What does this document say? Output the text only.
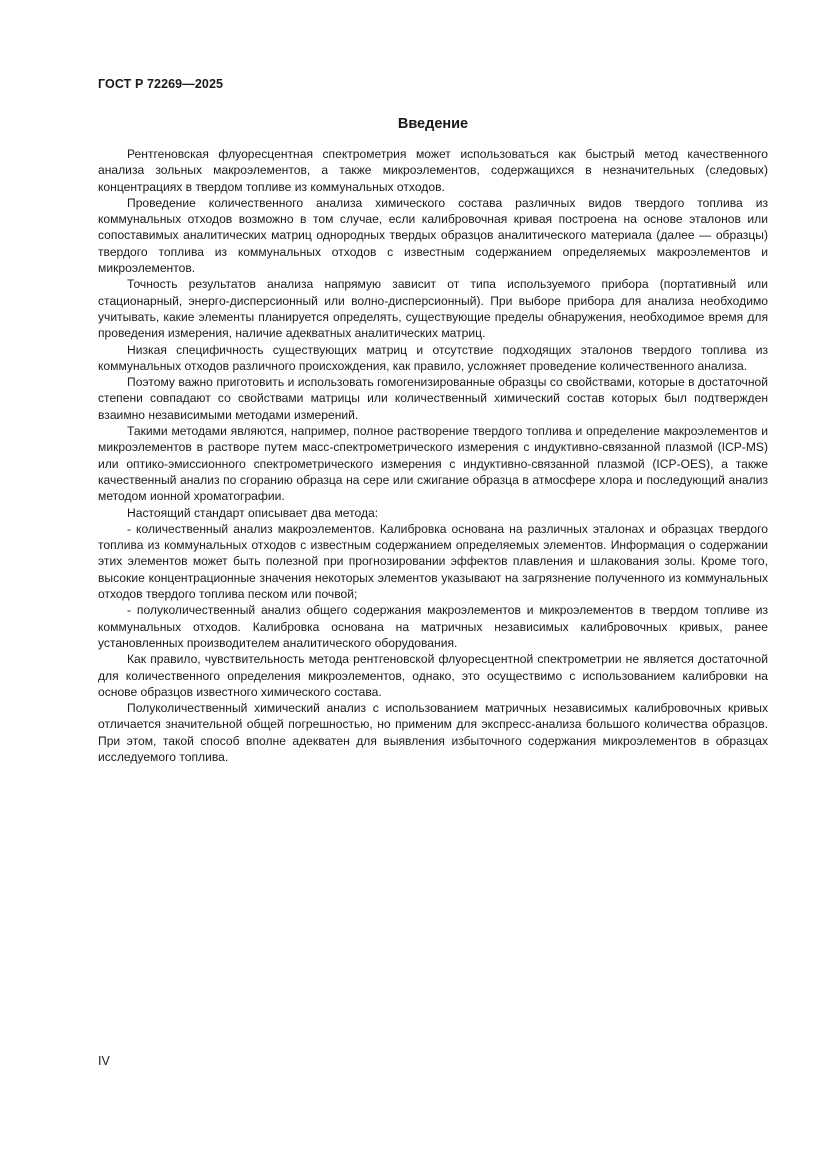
ГОСТ Р 72269—2025
Введение

Рентгеновская флуоресцентная спектрометрия может использоваться как быстрый метод качественного анализа зольных макроэлементов, а также микроэлементов, содержащихся в незначительных (следовых) концентрациях в твердом топливе из коммунальных отходов.

Проведение количественного анализа химического состава различных видов твердого топлива из коммунальных отходов возможно в том случае, если калибровочная кривая построена на основе эталонов или сопоставимых аналитических матриц однородных твердых образцов аналитического материала (далее — образцы) твердого топлива из коммунальных отходов с известным содержанием определяемых макроэлементов и микроэлементов.

Точность результатов анализа напрямую зависит от типа используемого прибора (портативный или стационарный, энерго-дисперсионный или волно-дисперсионный). При выборе прибора для анализа необходимо учитывать, какие элементы планируется определять, существующие пределы обнаружения, необходимое время для проведения измерения, наличие адекватных аналитических матриц.

Низкая специфичность существующих матриц и отсутствие подходящих эталонов твердого топлива из коммунальных отходов различного происхождения, как правило, усложняет проведение количественного анализа.

Поэтому важно приготовить и использовать гомогенизированные образцы со свойствами, которые в достаточной степени совпадают со свойствами матрицы или количественный химический состав которых был подтвержден взаимно независимыми методами измерений.

Такими методами являются, например, полное растворение твердого топлива и определение макроэлементов и микроэлементов в растворе путем масс-спектрометрического измерения с индуктивно-связанной плазмой (ICP-MS) или оптико-эмиссионного спектрометрического измерения с индуктивно-связанной плазмой (ICP-OES), а также качественный анализ по сгоранию образца на сере или сжигание образца в атмосфере хлора и последующий анализ методом ионной хроматографии.

Настоящий стандарт описывает два метода:

- количественный анализ макроэлементов. Калибровка основана на различных эталонах и образцах твердого топлива из коммунальных отходов с известным содержанием определяемых элементов. Информация о содержании этих элементов может быть полезной при прогнозировании эффектов плавления и шлакования золы. Кроме того, высокие концентрационные значения некоторых элементов указывают на загрязнение полученного из коммунальных отходов твердого топлива песком или почвой;

- полуколичественный анализ общего содержания макроэлементов и микроэлементов в твердом топливе из коммунальных отходов. Калибровка основана на матричных независимых калибровочных кривых, ранее установленных производителем аналитического оборудования.

Как правило, чувствительность метода рентгеновской флуоресцентной спектрометрии не является достаточной для количественного определения микроэлементов, однако, это осуществимо с использованием калибровки на основе образцов известного химического состава.

Полуколичественный химический анализ с использованием матричных независимых калибровочных кривых отличается значительной общей погрешностью, но применим для экспресс-анализа большого количества образцов. При этом, такой способ вполне адекватен для выявления избыточного содержания микроэлементов в образцах исследуемого топлива.

IV
